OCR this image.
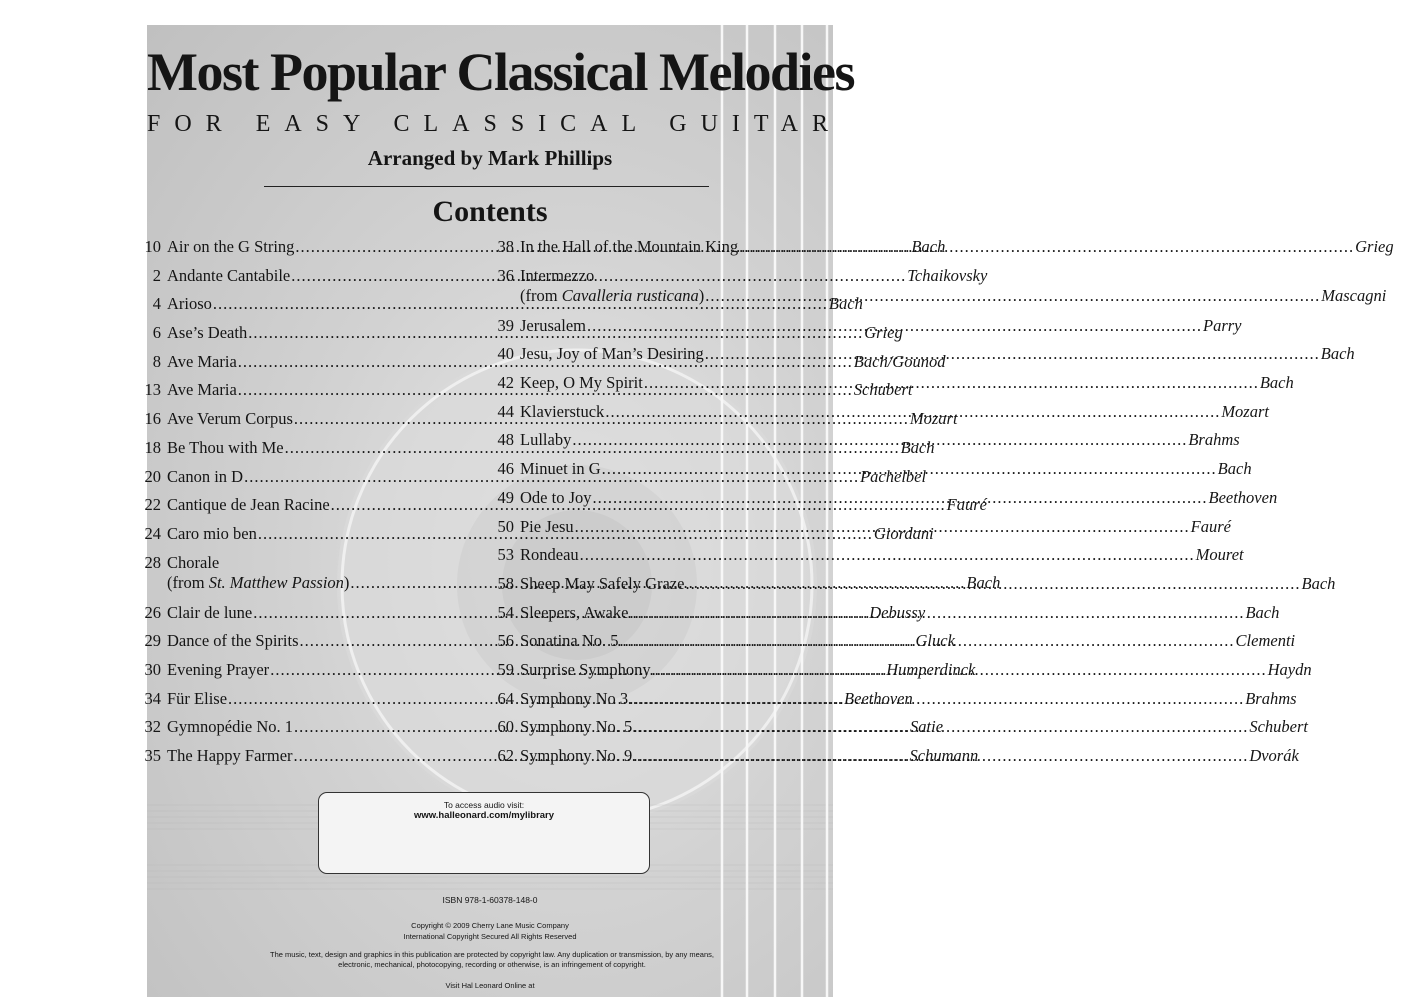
Most Popular Classical Melodies
FOR EASY CLASSICAL GUITAR
Arranged by Mark Phillips
Contents
10 Air on the G String .....	Bach
2 Andante Cantabile .....	Tchaikovsky
4 Arioso .....	Bach
6 Ase’s Death .....	Grieg
8 Ave Maria .....	Bach/Gounod
13 Ave Maria .....	Schubert
16 Ave Verum Corpus .....	Mozart
18 Be Thou with Me .....	Bach
20 Canon in D .....	Pachelbel
22 Cantique de Jean Racine .....	Fauré
24 Caro mio ben .....	Giordani
28 Chorale
(from St. Matthew Passion) .....	Bach
26 Clair de lune .....	Debussy
29 Dance of the Spirits .....	Gluck
30 Evening Prayer .....	Humperdinck
34 Für Elise .....	Beethoven
32 Gymnopédie No. 1 .....	Satie
35 The Happy Farmer .....	Schumann
38 In the Hall of the Mountain King .....	Grieg
36 Intermezzo
(from Cavalleria rusticana) .....	Mascagni
39 Jerusalem .....	Parry
40 Jesu, Joy of Man’s Desiring .....	Bach
42 Keep, O My Spirit .....	Bach
44 Klavierstuck .....	Mozart
48 Lullaby .....	Brahms
46 Minuet in G .....	Bach
49 Ode to Joy .....	Beethoven
50 Pie Jesu .....	Fauré
53 Rondeau .....	Mouret
58 Sheep May Safely Graze .....	Bach
54 Sleepers, Awake .....	Bach
56 Sonatina No. 5 .....	Clementi
59 Surprise Symphony .....	Haydn
64 Symphony No 3 .....	Brahms
60 Symphony No. 5 .....	Schubert
62 Symphony No. 9 .....	Dvorák
To access audio visit:
www.halleonard.com/mylibrary
ISBN 978-1-60378-148-0
Copyright © 2009 Cherry Lane Music Company
International Copyright Secured All Rights Reserved
The music, text, design and graphics in this publication are protected by copyright law. Any duplication or transmission, by any means, electronic, mechanical, photocopying, recording or otherwise, is an infringement of copyright.
Visit Hal Leonard Online at
